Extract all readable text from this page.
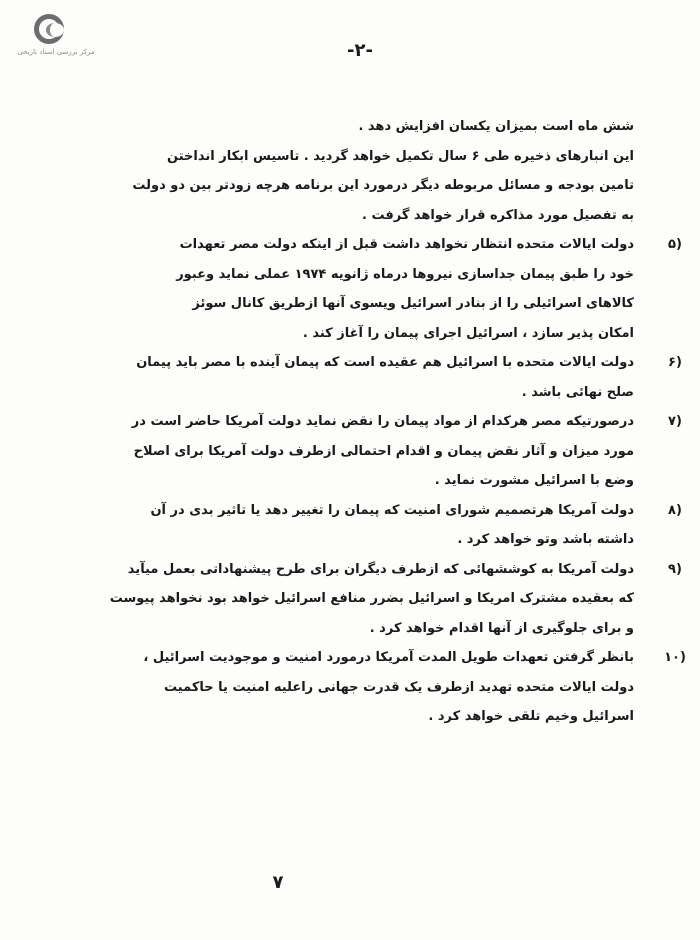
مرکز بررسی اسناد تاریخی	-۲-
شش ماه است بمیزان یکسان افزایش دهد .
این انبارهای ذخیره طی ۶ سال تکمیل خواهد گردید . تاسیس ابکار انداختن
تامین بودجه و مسائل مربوطه دیگر درمورد این برنامه هرچه زودتر بین دو دولت
به تفصیل مورد مذاکره قرار خواهد گرفت .
۵)
دولت ایالات متحده انتظار نخواهد داشت قبل از اینکه دولت مصر تعهدات
خود را طبق پیمان جداسازی نیروها درماه ژانویه ۱۹۷۴ عملی نماید وعبور
کالاهای اسرائیلی را از بنادر اسرائیل ویسوی آنها ازطریق کانال سوئز
امکان پذیر سازد ، اسرائیل اجرای پیمان را آغاز کند .
۶)
دولت ایالات متحده با اسرائیل هم عقیده است که پیمان آینده با مصر باید پیمان
صلح نهائی باشد .
۷)
درصورتیکه مصر هرکدام از مواد پیمان را نقض نماید دولت آمریکا حاضر است در
مورد میزان و آثار نقض پیمان و اقدام احتمالی ازطرف دولت آمریکا برای اصلاح
وضع با اسرائیل مشورت نماید .
۸)
دولت آمریکا هرتصمیم شورای امنیت که پیمان را تغییر دهد یا تاثیر بدی در آن
داشته باشد وتو خواهد کرد .
۹)
دولت آمریکا به کوششهائی که ازطرف دیگران برای طرح پیشنهاداتی بعمل میآید
که بعقیده مشترک امریکا و اسرائیل بضرر منافع اسرائیل خواهد بود نخواهد پیوست
و برای جلوگیری از آنها اقدام خواهد کرد .
۱۰)
بانظر گرفتن تعهدات طویل المدت آمریکا درمورد امنیت و موجودیت اسرائیل ،
دولت ایالات متحده تهدید ازطرف یک قدرت جهانی راعلیه امنیت یا حاکمیت
اسرائیل وخیم تلقی خواهد کرد .
۷
